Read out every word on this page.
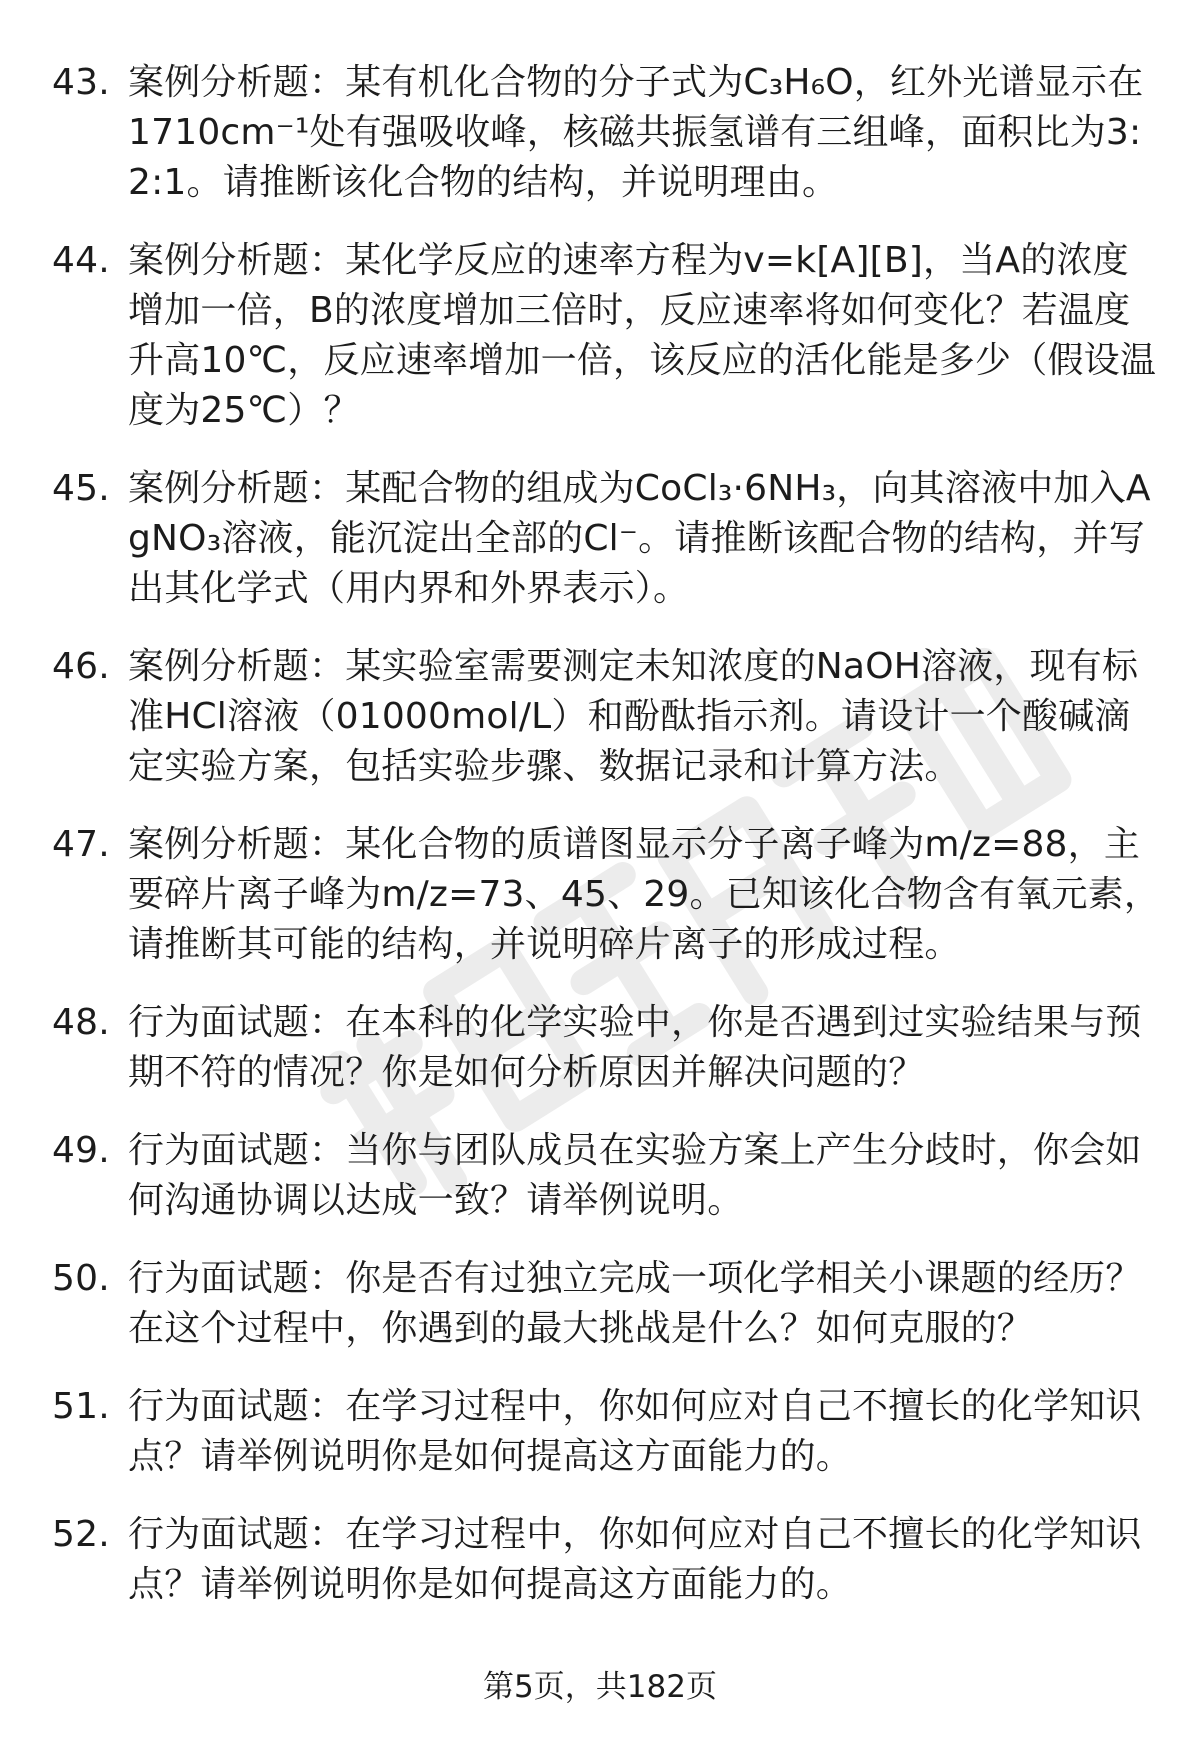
43. 案例分析题：某有机化合物的分子式为C₃H₆O，红外光谱显示在1710cm⁻¹处有强吸收峰，核磁共振氢谱有三组峰，面积比为3:2:1。请推断该化合物的结构，并说明理由。
44. 案例分析题：某化学反应的速率方程为v=k[A][B]，当A的浓度增加一倍，B的浓度增加三倍时，反应速率将如何变化？若温度升高10℃，反应速率增加一倍，该反应的活化能是多少（假设温度为25℃）？
45. 案例分析题：某配合物的组成为CoCl₃·6NH₃，向其溶液中加入AgNO₃溶液，能沉淀出全部的Cl⁻。请推断该配合物的结构，并写出其化学式（用内界和外界表示）。
46. 案例分析题：某实验室需要测定未知浓度的NaOH溶液，现有标准HCl溶液（01000mol/L）和酚酞指示剂。请设计一个酸碱滴定实验方案，包括实验步骤、数据记录和计算方法。
47. 案例分析题：某化合物的质谱图显示分子离子峰为m/z=88，主要碎片离子峰为m/z=73、45、29。已知该化合物含有氧元素，请推断其可能的结构，并说明碎片离子的形成过程。
48. 行为面试题：在本科的化学实验中，你是否遇到过实验结果与预期不符的情况？你是如何分析原因并解决问题的？
49. 行为面试题：当你与团队成员在实验方案上产生分歧时，你会如何沟通协调以达成一致？请举例说明。
50. 行为面试题：你是否有过独立完成一项化学相关小课题的经历？在这个过程中，你遇到的最大挑战是什么？如何克服的？
51. 行为面试题：在学习过程中，你如何应对自己不擅长的化学知识点？请举例说明你是如何提高这方面能力的。
52. 行为面试题：在学习过程中，你如何应对自己不擅长的化学知识点？请举例说明你是如何提高这方面能力的。
第5页，共182页
